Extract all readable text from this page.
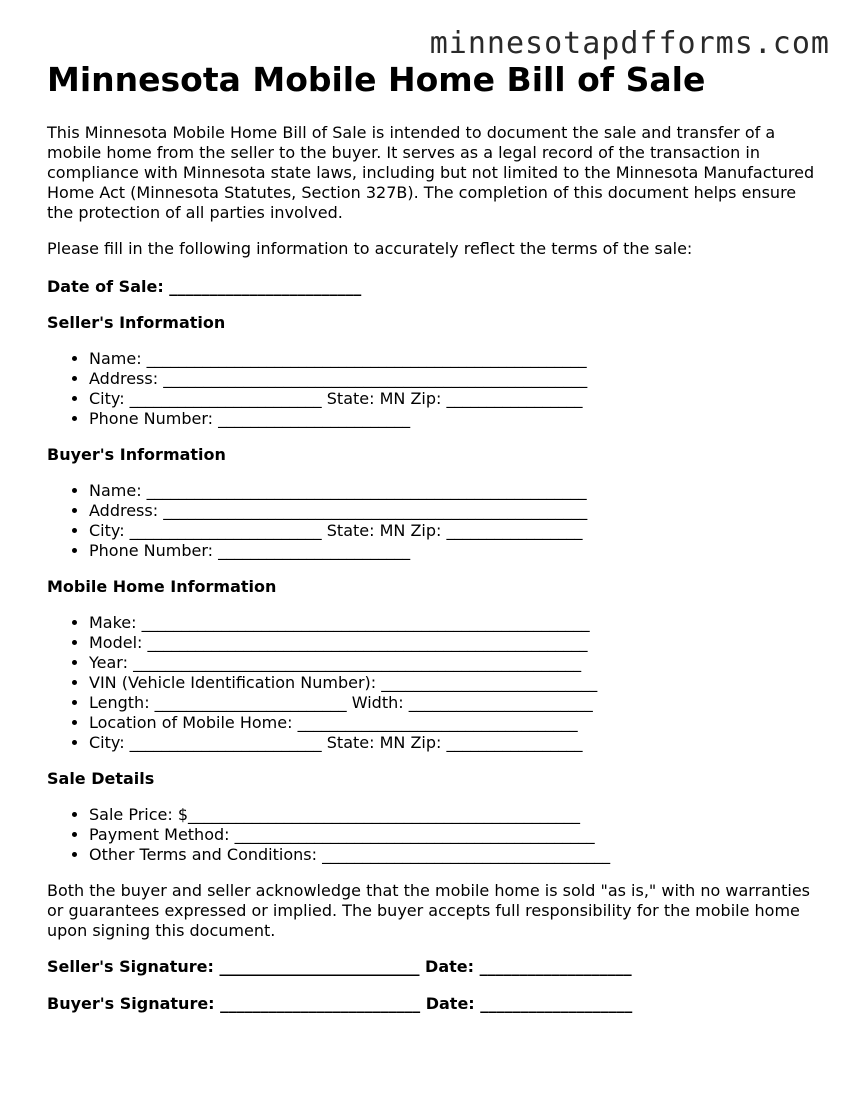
minnesotapdfforms.com
Minnesota Mobile Home Bill of Sale

This Minnesota Mobile Home Bill of Sale is intended to document the sale and transfer of a mobile home from the seller to the buyer. It serves as a legal record of the transaction in compliance with Minnesota state laws, including but not limited to the Minnesota Manufactured Home Act (Minnesota Statutes, Section 327B). The completion of this document helps ensure the protection of all parties involved.

Please fill in the following information to accurately reflect the terms of the sale:

Date of Sale: ________________________

Seller's Information
• Name: _______________________________________________________
• Address: _____________________________________________________
• City: ________________________ State: MN Zip: _________________
• Phone Number: ________________________
Buyer's Information
• Name: _______________________________________________________
• Address: _____________________________________________________
• City: ________________________ State: MN Zip: _________________
• Phone Number: ________________________
Mobile Home Information
• Make: ________________________________________________________
• Model: _______________________________________________________
• Year: ________________________________________________________
• VIN (Vehicle Identification Number): ___________________________
• Length: ________________________ Width: _______________________
• Location of Mobile Home: ___________________________________
• City: ________________________ State: MN Zip: _________________
Sale Details
• Sale Price: $_________________________________________________
• Payment Method: _____________________________________________
• Other Terms and Conditions: ____________________________________

Both the buyer and seller acknowledge that the mobile home is sold "as is," with no warranties or guarantees expressed or implied. The buyer accepts full responsibility for the mobile home upon signing this document.

Seller's Signature: _________________________ Date: ___________________

Buyer's Signature: _________________________ Date: ___________________
